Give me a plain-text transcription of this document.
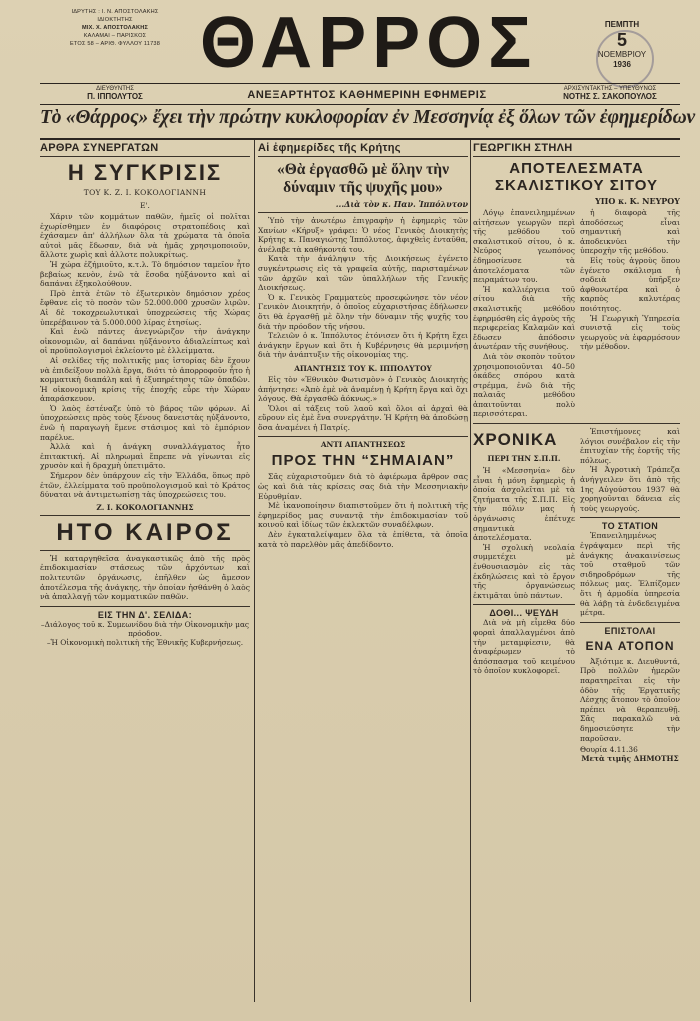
ΙΔΡΥΤΗΣ : Ι. Ν. ΑΠΟΣΤΟΛΑΚΗΣ
ΙΔΙΟΚΤΗΤΗΣ
ΜΙΧ. Χ. ΑΠΟΣΤΟΛΑΚΗΣ
ΚΑΛΑΜΑΙ – ΠΑΡΙΣΚΟΣ
ΕΤΟΣ 58 – ΑΡΙΘ. ΦΥΛΛΟΥ 11738 ΘΑΡΡΟΣ	ΠΕΜΠΤΗ
5
ΝΟΕΜΒΡΙΟΥ
1936
ΔΙΕΥΘΥΝΤΗΣ
Π. ΙΠΠΟΛΥΤΟΣ	ΑΝΕΞΑΡΤΗΤΟΣ ΚΑΘΗΜΕΡΙΝΗ ΕΦΗΜΕΡΙΣ	ΑΡΧΙΣΥΝΤΑΚΤΗΣ – ΥΠΕΥΘΥΝΟΣ
ΝΟΤΗΣ Σ. ΣΑΚΟΠΟΥΛΟΣ
Τὸ «Θάρρος» ἔχει τὴν πρώτην κυκλοφορίαν ἐν Μεσσηνίᾳ ἐξ ὅλων τῶν ἐφημερίδων
ΑΡΘΡΑ ΣΥΝΕΡΓΑΤΩΝ
Η ΣΥΓΚΡΙΣΙΣ
ΤΟΥ Κ. Ζ. Ι. ΚΟΚΟΛΟΓΙΑΝΝΗ
Ε'.

Χάριν τῶν κομμάτων παθῶν, ἡμεῖς οἱ πολῖται ἐχωρίσθημεν ἐν διαφόροις στρατοπέδοις καὶ ἐχάσαμεν ἀπ' ἀλλήλων ὅλα τὰ χρώματα τὰ ὁποῖα αὐτοὶ μᾶς ἔδωσαν, διὰ νὰ ἡμᾶς χρησιμοποιοῦν, ἄλλοτε χωρὶς καὶ ἀλλοτε πολυκρίτως.

Ἡ χώρα ἐζήμιοῦτο, κ.τ.λ. Τὸ δημόσιον ταμεῖον ἦτο βεβαίως κενὸν, ἐνῶ τὰ ἔσοδα ηὐξάνοντο καὶ αἱ δαπάναι ἐξηκολούθουν.

Πρὸ ἐπτὰ ἐτῶν τὸ ἐξωτερικὸν δημόσιον χρέος ἔφθανε εἰς τὸ ποσὸν τῶν 52.000.000 χρυσῶν λιρῶν. Αἱ δὲ τοκοχρεωλυτικαὶ ὑποχρεώσεις τῆς Χώρας ὑπερέβαινον τὰ 5.000.000 λίρας ἐτησίως.

Καὶ ἐνῶ πάντες ἀνεγνώριζον τὴν ἀνάγκην οἰκονομιῶν, αἱ δαπάναι ηὐξάνοντο ἀδιαλείπτως καὶ οἱ προϋπολογισμοὶ ἐκλείοντο μὲ ἐλλείμματα.

Αἱ σελίδες τῆς πολιτικῆς μας ἱστορίας δὲν ἔχουν νὰ ἐπιδείξουν πολλὰ ἔργα, διότι τὸ ἀπορροφοῦν ἦτο ἡ κομματικὴ διαπάλη καὶ ἡ ἐξυπηρέτησις τῶν ὀπαδῶν. Ἡ οἰκονομικὴ κρίσις τῆς ἐποχῆς εὗρε τὴν Χώραν ἀπαράσκευον.

Ὁ λαὸς ἐστέναζε ὑπὸ τὸ βάρος τῶν φόρων. Αἱ ὑποχρεώσεις πρὸς τοὺς ξένους δανειστὰς ηὐξάνοντο, ἐνῶ ἡ παραγωγὴ ἔμενε στάσιμος καὶ τὸ ἐμπόριον παρέλυε.

Ἀλλὰ καὶ ἡ ἀνάγκη συναλλάγματος ἦτο ἐπιτακτική. Αἱ πληρωμαὶ ἔπρεπε νὰ γίνωνται εἰς χρυσὸν καὶ ἡ δραχμὴ ὑπετιμᾶτο.

Σήμερον δὲν ὑπάρχουν εἰς τὴν Ἑλλάδα, ὅπως πρὸ ἐτῶν, ἐλλείμματα τοῦ προϋπολογισμοῦ καὶ τὸ Κράτος δύναται νὰ ἀντιμετωπίσῃ τὰς ὑποχρεώσεις του.

Ζ. Ι. ΚΟΚΟΛΟΓΙΑΝΝΗΣ
ΗΤΟ ΚΑΙΡΟΣ

Ἡ καταργηθεῖσα ἀναγκαστικῶς ἀπὸ τῆς πρὸς ἐπιδοκιμασίαν στάσεως τῶν ἀρχόντων καὶ πολιτευτῶν ὀργάνωσις, ἐπῆλθεν ὡς ἄμεσον ἀποτέλεσμα τῆς ἀνάγκης, τὴν ὁποίαν ἠσθάνθη ὁ λαὸς νὰ ἀπαλλαγῇ τῶν κομματικῶν παθῶν.

ΕΙΣ ΤΗΝ Δ'. ΣΕΛΙΔΑ:
–Διάλογος τοῦ κ. Συμεωνίδου διὰ τὴν Οἰκονομικὴν μας πρόοδον.
–Ἡ Οἰκονομικὴ πολιτικὴ τῆς Ἐθνικῆς Κυβερνήσεως.
Αἱ ἐφημερίδες τῆς Κρήτης
«Θὰ ἐργασθῶ μὲ ὅλην τὴν δύναμιν τῆς ψυχῆς μου»
...Διὰ τὸν κ. Παν. Ἱππόλυτον

Ὑπὸ τὴν ἀνωτέρω ἐπιγραφὴν ἡ ἐφημερὶς τῶν Χανίων «Κήρυξ» γράφει: Ὁ νέος Γενικὸς Διοικητὴς Κρήτης κ. Παναγιώτης Ἱππόλυτος, ἀφιχθεὶς ἐνταῦθα, ἀνέλαβε τὰ καθήκοντά του.

Κατὰ τὴν ἀνάληψιν τῆς Διοικήσεως ἐγένετο συγκέντρωσις εἰς τὰ γραφεῖα αὐτῆς, παρισταμένων τῶν ἀρχῶν καὶ τῶν ὑπαλλήλων τῆς Γενικῆς Διοικήσεως.

Ὁ κ. Γενικὸς Γραμματεὺς προσεφώνησε τὸν νέον Γενικὸν Διοικητήν, ὁ ὁποῖος εὐχαριστήσας ἐδήλωσεν ὅτι θὰ ἐργασθῇ μὲ ὅλην τὴν δύναμιν τῆς ψυχῆς του διὰ τὴν πρόοδον τῆς νήσου.

Τελειῶν ὁ κ. Ἱππόλυτος ἐτόνισεν ὅτι ἡ Κρήτη ἔχει ἀνάγκην ἔργων καὶ ὅτι ἡ Κυβέρνησις θὰ μεριμνήσῃ διὰ τὴν ἀνάπτυξιν τῆς οἰκονομίας της.

ΑΠΑΝΤΗΣΙΣ ΤΟΥ Κ. ΙΠΠΟΛΥΤΟΥ

Εἰς τὸν «Ἐθνικὸν Φωτισμὸν» ὁ Γενικὸς Διοικητὴς ἀπήντησε: «Ἀπὸ ἐμὲ νὰ ἀναμένῃ ἡ Κρήτη ἔργα καὶ ὄχι λόγους. Θὰ ἐργασθῶ ἀόκνως.»

Ὅλοι αἱ τάξεις τοῦ λαοῦ καὶ ὅλοι αἱ ἀρχαὶ θὰ εὕρουν εἰς ἐμὲ ἕνα συνεργάτην. Ἡ Κρήτη θὰ ἀποδώσῃ ὅσα ἀναμένει ἡ Πατρίς.

ΑΝΤΙ ΑΠΑΝΤΗΣΕΩΣ
ΠΡΟΣ ΤΗΝ “ΣΗΜΑΙΑΝ”

Σᾶς εὐχαριστοῦμεν διὰ τὸ ἀφιέρωμα ἄρθρον σας ὡς καὶ διὰ τὰς κρίσεις σας διὰ τὴν Μεσσηνιακὴν Εὐρυθμίαν.

Μὲ ἱκανοποίησιν διαπιστοῦμεν ὅτι ἡ πολιτικὴ τῆς ἐφημερίδος μας συναντᾷ τὴν ἐπιδοκιμασίαν τοῦ κοινοῦ καὶ ἰδίως τῶν ἐκλεκτῶν συναδέλφων.

Δὲν ἐγκαταλείψαμεν ὅλα τὰ ἐπίθετα, τὰ ὁποῖα κατὰ τὸ παρελθὸν μᾶς ἀπεδίδοντο.

ΓΕΩΡΓΙΚΗ ΣΤΗΛΗ
ΑΠΟΤΕΛΕΣΜΑΤΑ ΣΚΑΛΙΣΤΙΚΟΥ ΣΙΤΟΥ
ΥΠΟ κ. Κ. ΝΕΥΡΟΥ

Λόγῳ ἐπανειλημμένων αἰτήσεων γεωργῶν περὶ τῆς μεθόδου τοῦ σκαλιστικοῦ σίτου, ὁ κ. Νεύρος γεωπόνος ἐδημοσίευσε τὰ ἀποτελέσματα τῶν πειραμάτων του.

Ἡ καλλιέργεια τοῦ σίτου διὰ τῆς σκαλιστικῆς μεθόδου ἐφηρμόσθη εἰς ἀγροὺς τῆς περιφερείας Καλαμῶν καὶ ἔδωσεν ἀπόδοσιν ἀνωτέραν τῆς συνήθους.

Διὰ τὸν σκοπὸν τοῦτον χρησιμοποιοῦνται 40–50 ὀκάδες σπόρου κατὰ στρέμμα, ἐνῶ διὰ τῆς παλαιᾶς μεθόδου ἀπαιτοῦνται πολὺ περισσότεραι.

ἡ διαφορὰ τῆς ἀποδόσεως εἶναι σημαντική καὶ ἀποδεικνύει τὴν ὑπεροχὴν τῆς μεθόδου.

Εἰς τοὺς ἀγροὺς ὅπου ἐγένετο σκάλισμα ἡ σοδειὰ ὑπῆρξεν ἀφθονωτέρα καὶ ὁ καρπὸς καλυτέρας ποιότητος.

Ἡ Γεωργικὴ Ὑπηρεσία συνιστᾷ εἰς τοὺς γεωργοὺς νὰ ἐφαρμόσουν τὴν μέθοδον.

ΧΡΟΝΙΚΑ
ΠΕΡΙ ΤΗΝ Σ.Π.Π.

Ἡ «Μεσσηνία» δὲν εἶναι ἡ μόνη ἐφημερὶς ἡ ὁποία ἀσχολεῖται μὲ τὰ ζητήματα τῆς Σ.Π.Π. Εἰς τὴν πόλιν μας ἡ ὀργάνωσις ἐπέτυχε σημαντικὰ ἀποτελέσματα.

Ἡ σχολικὴ νεολαία συμμετέχει μὲ ἐνθουσιασμὸν εἰς τὰς ἐκδηλώσεις καὶ τὸ ἔργον τῆς ὀργανώσεως ἐκτιμᾶται ὑπὸ πάντων.

ΔΟΘΙ... ΨΕΥΔΗ

Διὰ νὰ μὴ εἶμεθα δύο φοραὶ ἀπαλλαγμένοι ἀπὸ τὴν μεταμφίεσιν, θὰ ἀναφέρωμεν τὸ ἀπόσπασμα τοῦ κειμένου τὸ ὁποῖον κυκλοφορεῖ.

Ἐπιστήμονες καὶ λόγιοι συνέβαλον εἰς τὴν ἐπιτυχίαν τῆς ἐορτῆς τῆς πόλεως.

Ἡ Ἀγροτικὴ Τράπεζα ἀνήγγειλεν ὅτι ἀπὸ τῆς 1ης Αὐγούστου 1937 θὰ χορηγοῦνται δάνεια εἰς τοὺς γεωργούς.

ΤΟ ΣΤΑΤΙΟΝ

Ἐπανειλημμένως ἐγράψαμεν περὶ τῆς ἀνάγκης ἀνακαινίσεως τοῦ σταθμοῦ τῶν σιδηροδρόμων τῆς πόλεως μας. Ἐλπίζομεν ὅτι ἡ ἁρμοδία ὑπηρεσία θὰ λάβῃ τὰ ἐνδεδειγμένα μέτρα.

ΕΠΙΣΤΟΛΑΙ
ΕΝΑ ΑΤΟΠΟΝ

Ἀξιότιμε κ. Διευθυντά, Πρὸ πολλῶν ἡμερῶν παρατηρεῖται εἰς τὴν ὁδὸν τῆς Ἐργατικῆς Λέσχης ἄτοπον τὸ ὁποῖον πρέπει νὰ θεραπευθῇ. Σᾶς παρακαλῶ νὰ δημοσιεύσητε τὴν παροῦσαν.

Θουρία 4.11.36
Μετὰ τιμῆς ΔΗΜΟΤΗΣ
